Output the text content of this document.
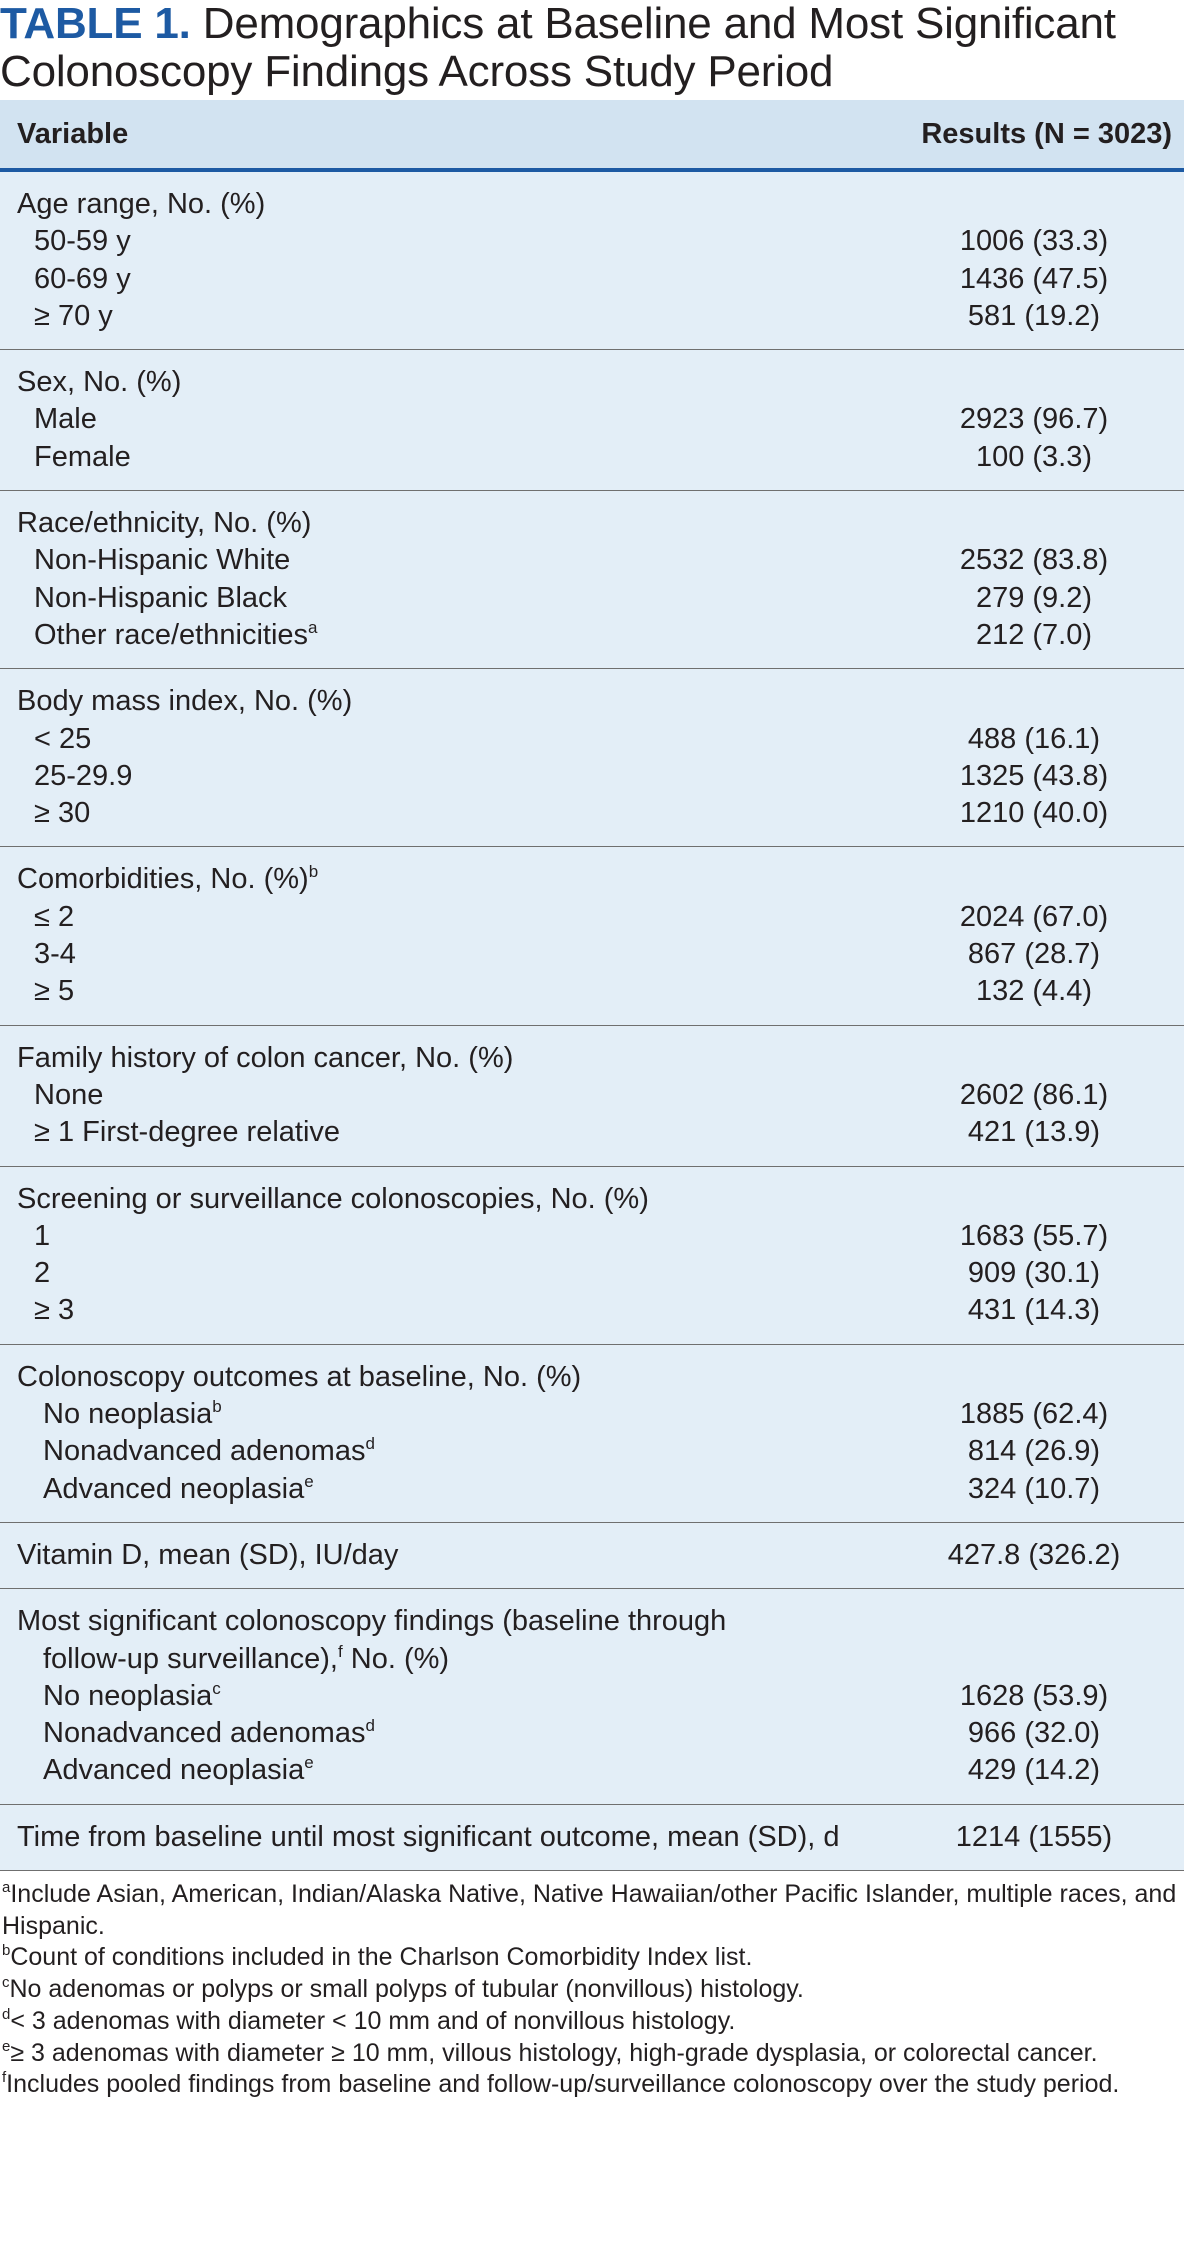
TABLE 1. Demographics at Baseline and Most Significant Colonoscopy Findings Across Study Period
Variable	Results (N = 3023)
Age range, No. (%)
50-59 y	1006 (33.3)
60-69 y	1436 (47.5)
≥ 70 y	581 (19.2)
Sex, No. (%)
Male	2923 (96.7)
Female	100 (3.3)
Race/ethnicity, No. (%)
Non-Hispanic White	2532 (83.8)
Non-Hispanic Black	279 (9.2)
Other race/ethnicities$^a$	212 (7.0)
Body mass index, No. (%)
< 25	488 (16.1)
25-29.9	1325 (43.8)
≥ 30	1210 (40.0)
Comorbidities, No. (%)$^b$
≤ 2	2024 (67.0)
3-4	867 (28.7)
≥ 5	132 (4.4)
Family history of colon cancer, No. (%)
None	2602 (86.1)
≥ 1 First-degree relative	421 (13.9)
Screening or surveillance colonoscopies, No. (%)
1	1683 (55.7)
2	909 (30.1)
≥ 3	431 (14.3)
Colonoscopy outcomes at baseline, No. (%)
No neoplasia$^b$	1885 (62.4)
Nonadvanced adenomas$^d$	814 (26.9)
Advanced neoplasia$^e$	324 (10.7)
Vitamin D, mean (SD), IU/day	427.8 (326.2)
Most significant colonoscopy findings (baseline through
follow-up surveillance),$^f$ No. (%)
No neoplasia$^c$	1628 (53.9)
Nonadvanced adenomas$^d$	966 (32.0)
Advanced neoplasia$^e$	429 (14.2)
Time from baseline until most significant outcome, mean (SD), d	1214 (1555)

$^a$Include Asian, American, Indian/Alaska Native, Native Hawaiian/other Pacific Islander, multiple races, and Hispanic.

$^b$Count of conditions included in the Charlson Comorbidity Index list.

$^c$No adenomas or polyps or small polyps of tubular (nonvillous) histology.

$^d$< 3 adenomas with diameter < 10 mm and of nonvillous histology.

$^e$≥ 3 adenomas with diameter ≥ 10 mm, villous histology, high-grade dysplasia, or colorectal cancer.

$^f$Includes pooled findings from baseline and follow-up/surveillance colonoscopy over the study period.
